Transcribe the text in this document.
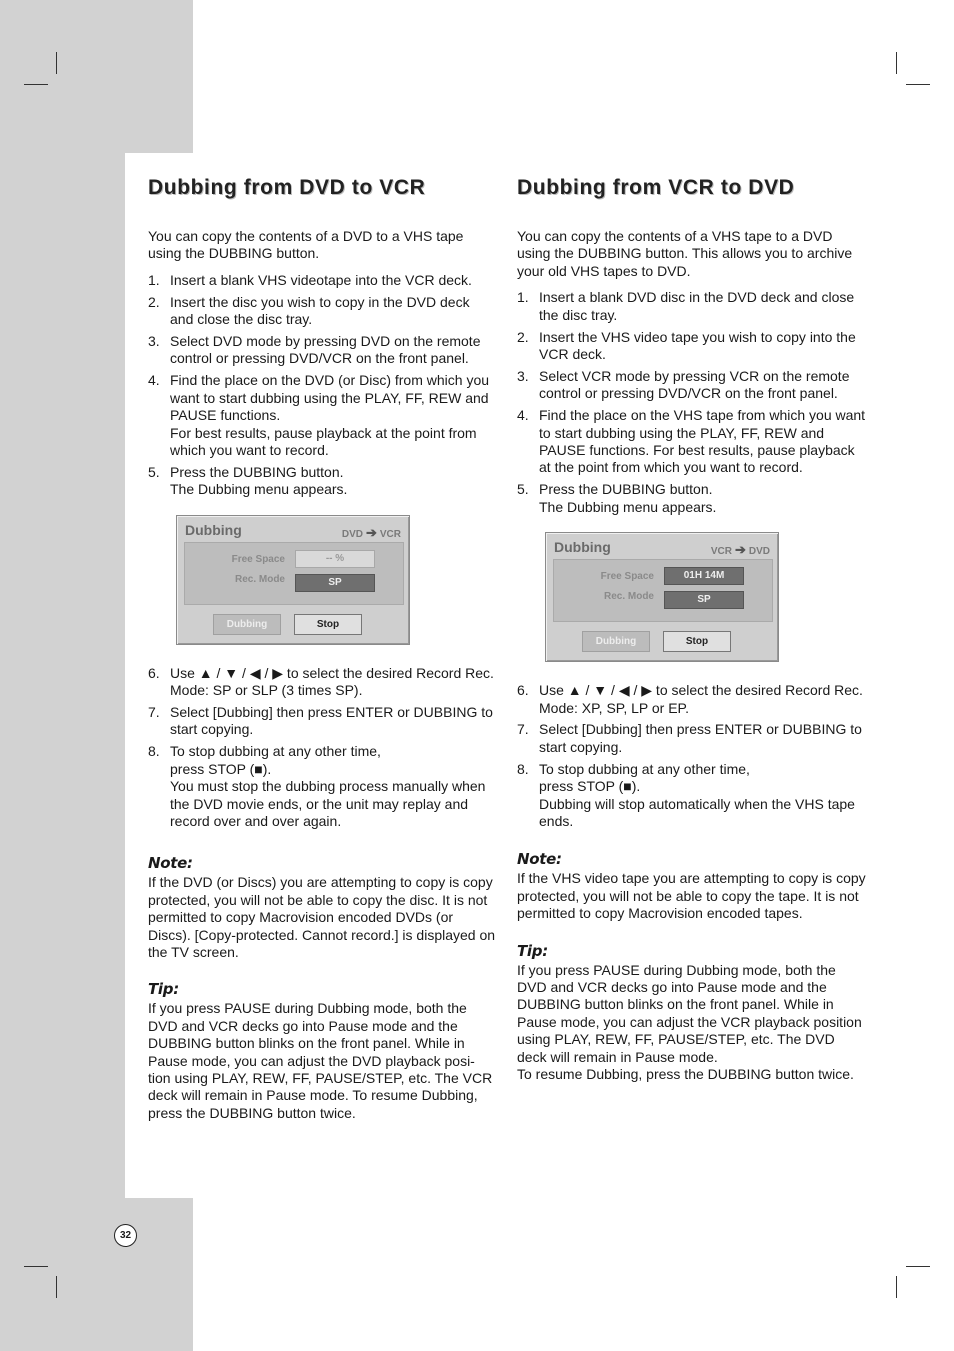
Dubbing from DVD to VCR

You can copy the contents of a DVD to a VHS tape using the DUBBING button.

1. Insert a blank VHS videotape into the VCR deck.
2. Insert the disc you wish to copy in the DVD deck and close the disc tray.
3. Select DVD mode by pressing DVD on the remote control or pressing DVD/VCR on the front panel.
4. Find the place on the DVD (or Disc) from which you want to start dubbing using the PLAY, FF, REW and PAUSE functions.
For best results, pause playback at the point from which you want to record.
5. Press the DUBBING button.
The Dubbing menu appears.
Dubbing	DVD ➔ VCR
Free Space	-- %
Rec. Mode	SP
Dubbing	Stop
6. Use ▲ / ▼ / ◀ / ▶ to select the desired Record Rec. Mode: SP or SLP (3 times SP).
7. Select [Dubbing] then press ENTER or DUBBING to start copying.
8. To stop dubbing at any other time,
press STOP (■).
You must stop the dubbing process manually when the DVD movie ends, or the unit may replay and record over and over again.
Note:

If the DVD (or Discs) you are attempting to copy is copy protected, you will not be able to copy the disc. It is not permitted to copy Macrovision encoded DVDs (or Discs). [Copy-protected. Cannot record.] is displayed on the TV screen.

Tip:

If you press PAUSE during Dubbing mode, both the DVD and VCR decks go into Pause mode and the DUBBING button blinks on the front panel. While in Pause mode, you can adjust the DVD playback posi-tion using PLAY, REW, FF, PAUSE/STEP, etc. The VCR deck will remain in Pause mode. To resume Dubbing, press the DUBBING button twice.

Dubbing from VCR to DVD

You can copy the contents of a VHS tape to a DVD using the DUBBING button. This allows you to archive your old VHS tapes to DVD.

1. Insert a blank DVD disc in the DVD deck and close the disc tray.
2. Insert the VHS video tape you wish to copy into the VCR deck.
3. Select VCR mode by pressing VCR on the remote control or pressing DVD/VCR on the front panel.
4. Find the place on the VHS tape from which you want to start dubbing using the PLAY, FF, REW and PAUSE functions. For best results, pause playback at the point from which you want to record.
5. Press the DUBBING button.
The Dubbing menu appears.
Dubbing	VCR ➔ DVD
Free Space	01H 14M
Rec. Mode	SP
Dubbing	Stop
6. Use ▲ / ▼ / ◀ / ▶ to select the desired Record Rec. Mode: XP, SP, LP or EP.
7. Select [Dubbing] then press ENTER or DUBBING to start copying.
8. To stop dubbing at any other time,
press STOP (■).
Dubbing will stop automatically when the VHS tape ends.
Note:

If the VHS video tape you are attempting to copy is copy protected, you will not be able to copy the tape. It is not permitted to copy Macrovision encoded tapes.

Tip:

If you press PAUSE during Dubbing mode, both the DVD and VCR decks go into Pause mode and the DUBBING button blinks on the front panel. While in Pause mode, you can adjust the VCR playback position using PLAY, REW, FF, PAUSE/STEP, etc. The DVD deck will remain in Pause mode.

To resume Dubbing, press the DUBBING button twice.

32
